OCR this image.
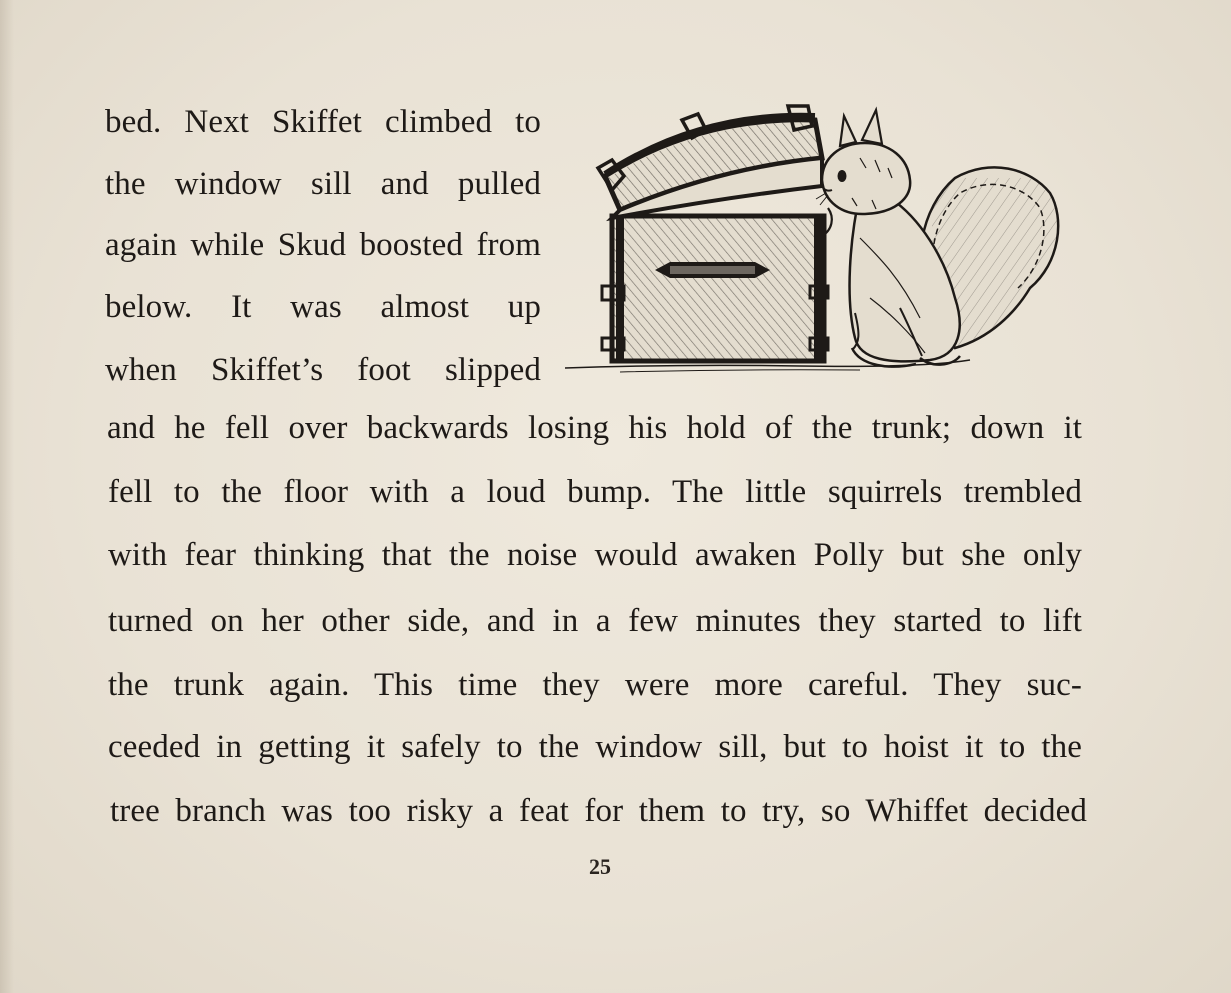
bed. Next Skiffet climbed to

the window sill and pulled

again while Skud boosted from

below. It was almost up

when Skiffet’s foot slipped

and he fell over backwards losing his hold of the trunk; down it

fell to the floor with a loud bump. The little squirrels trembled

with fear thinking that the noise would awaken Polly but she only

turned on her other side, and in a few minutes they started to lift

the trunk again. This time they were more careful. They suc-

ceeded in getting it safely to the window sill, but to hoist it to the

tree branch was too risky a feat for them to try, so Whiffet decided

25
